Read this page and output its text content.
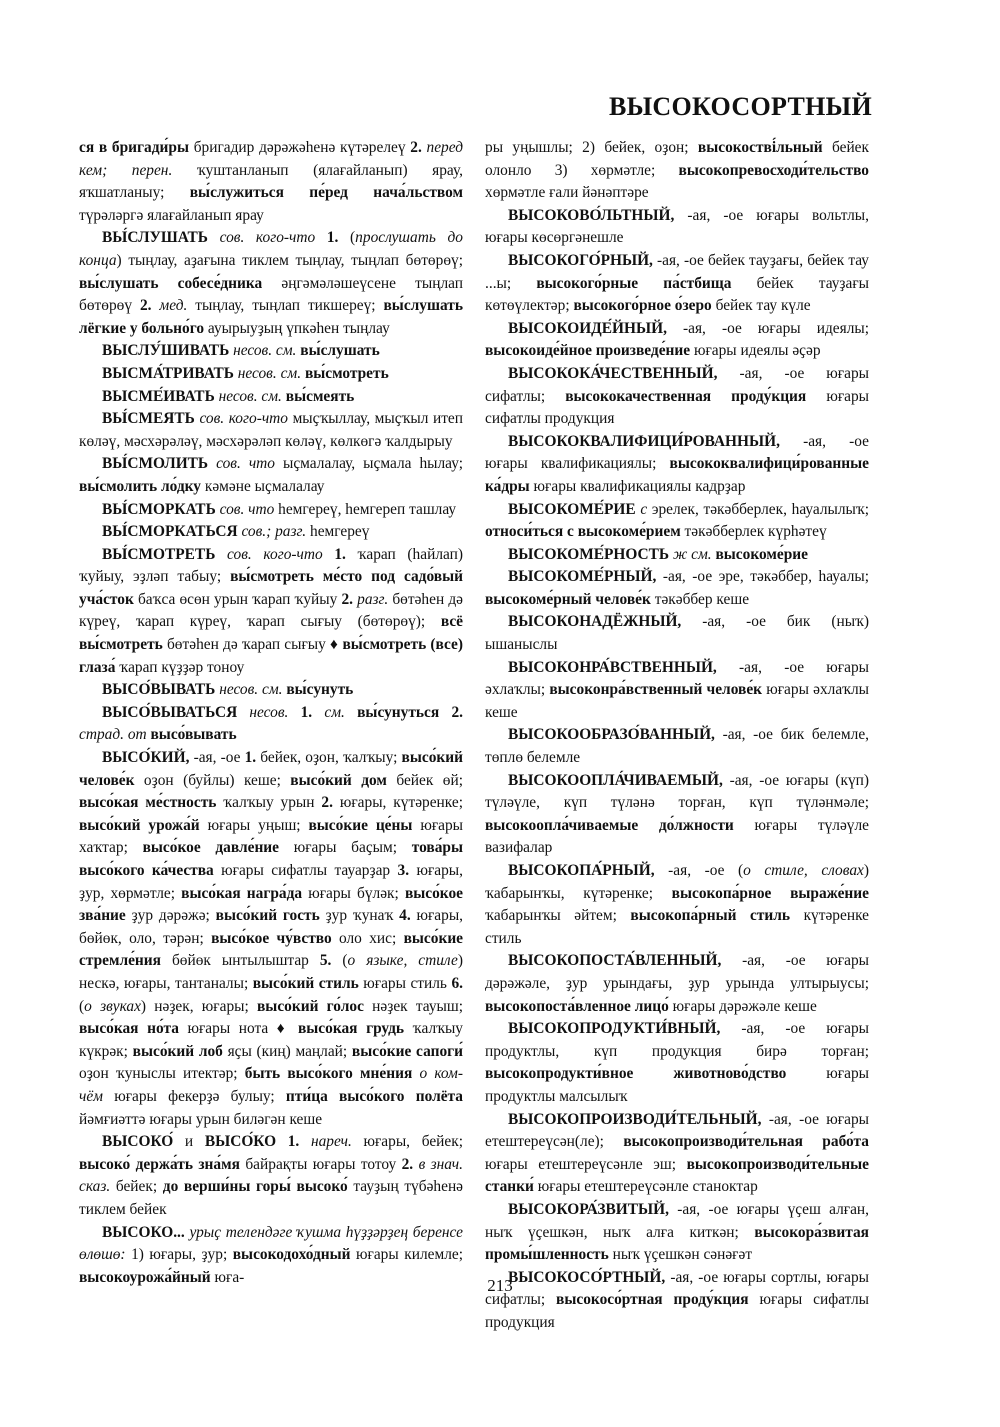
ВЫСОКОСОРТНЫЙ

ся в бригади́ры бригадир дәрәжәһенә күтәрелеү 2. перед кем; перен. ҡуштанланып (ялағайланып) ярау, яҡшатланыу; вы́служиться пе́ред нача́льством түрәләргә ялағайланып ярау

ВЫ́СЛУШАТЬ сов. кого-что 1. (прослушать до конца) тыңлау, аҙағына тиклем тыңлау, тыңлап бөтөрөү; вы́слушать собесе́дника әңгәмәләшеүсене тыңлап бөтөрөү 2. мед. тыңлау, тыңлап тикшереү; вы́слушать лёгкие у больно́го ауырыуҙың үпкәһен тыңлау

ВЫСЛУ́ШИВАТЬ несов. см. вы́слушать

ВЫСМА́ТРИВАТЬ несов. см. вы́смотреть

ВЫСМЕ́ИВАТЬ несов. см. вы́смеять

ВЫ́СМЕЯТЬ сов. кого-что мыҫҡыллау, мыҫҡыл итеп көләү, мәсхәрәләү, мәсхәрәләп көләү, көлкөгә ҡалдырыу

ВЫ́СМОЛИТЬ сов. что ыҫмалалау, ыҫмала һылау; вы́смолить ло́дку кәмәне ыҫмалалау

ВЫ́СМОРКАТЬ сов. что һемгереү, һемгереп ташлау

ВЫ́СМОРКАТЬСЯ сов.; разг. һемгереү

ВЫ́СМОТРЕТЬ сов. кого-что 1. ҡарап (һайлап) ҡуйыу, эҙләп табыу; вы́смотреть ме́сто под садо́вый уча́сток баҡса өсөн урын ҡарап ҡуйыу 2. разг. бөтәһен дә күреү, ҡарап күреү, ҡарап сығыу (бөтөрөү); всё вы́смотреть бөтәһен дә ҡарап сығыу ♦ вы́смотреть (все) глаза́ ҡарап күҙҙәр тоноу

ВЫСО́ВЫВАТЬ несов. см. вы́сунуть

ВЫСО́ВЫВАТЬСЯ несов. 1. см. вы́сунуться 2. страд. от высо́вывать

ВЫСО́КИЙ, -ая, -ое 1. бейек, оҙон, ҡалҡыу; высо́кий челове́к оҙон (буйлы) кеше; высо́кий дом бейек өй; высо́кая ме́стность ҡалҡыу урын 2. юғары, күтәренке; высо́кий урожа́й юғары уңыш; высо́кие це́ны юғары хаҡтар; высо́кое давле́ние юғары баҫым; това́ры высо́кого ка́чества юғары сифатлы тауарҙар 3. юғары, ҙур, хөрмәтле; высо́кая награ́да юғары бүләк; высо́кое зва́ние ҙур дәрәжә; высо́кий гость ҙур ҡунаҡ 4. юғары, бөйөк, оло, тәрән; высо́кое чу́вство оло хис; высо́кие стремле́ния бөйөк ынтылыштар 5. (о языке, стиле) нескә, юғары, тантаналы; высо́кий стиль юғары стиль 6. (о звуках) нәҙек, юғары; высо́кий го́лос нәҙек тауыш; высо́кая но́та юғары нота ♦ высо́кая грудь ҡалҡыу күкрәк; высо́кий лоб яҫы (киң) маңлай; высо́кие сапоги́ оҙон ҡуныслы итектәр; быть высо́кого мне́ния о ком-чём юғары фекерҙә булыу; пти́ца высо́кого полёта йәмғиәттә юғары урын биләгән кеше

ВЫСОКО́ и ВЫСО́КО 1. нареч. юғары, бейек; высоко́ держа́ть зна́мя байрақты юғары тотоу 2. в знач. сказ. бейек; до верши́ны горы́ высоко́ тауҙың түбәһенә тиклем бейек

ВЫСОКО... урыҫ телендәге ҡушма һүҙҙәрҙең беренсе өлөшө: 1) юғары, ҙур; высокодохо́дный юғары килемле; высокоурожа́йный юға-

ры уңышлы; 2) бейек, оҙон; высокостві́льный бейек олонло 3) хөрмәтле; высокопревосходи́тельство хөрмәтле ғали йәнәптәре

ВЫСОКОВО́ЛЬТНЫЙ, -ая, -ое юғары вольтлы, юғары көсөргәнешле

ВЫСОКОГО́РНЫЙ, -ая, -ое бейек тауҙағы, бейек тау ...ы; высокого́рные па́стбища бейек тауҙағы көтөүлектәр; высокого́рное о́зеро бейек тау күле

ВЫСОКОИДЕ́ЙНЫЙ, -ая, -ое юғары идеялы; высокоиде́йное произведе́ние юғары идеялы әҫәр

ВЫСОКОКА́ЧЕСТВЕННЫЙ, -ая, -ое юғары сифатлы; высококачественная проду́кция юғары сифатлы продукция

ВЫСОКОКВАЛИФИЦИ́РОВАННЫЙ, -ая, -ое юғары квалификациялы; высококвалифици́рованные ка́дры юғары квалификациялы кадрҙар

ВЫСОКОМЕ́РИЕ с эрелек, тәкәбберлек, һауалылыҡ; относи́ться с высокоме́рием тәкәбберлек күрһәтеү

ВЫСОКОМЕ́РНОСТЬ ж см. высокоме́рие

ВЫСОКОМЕ́РНЫЙ, -ая, -ое эре, тәкәббер, һауалы; высокоме́рный челове́к тәкәббер кеше

ВЫСОКОНАДЁЖНЫЙ, -ая, -ое бик (ныҡ) ышаныслы

ВЫСОКОНРА́ВСТВЕННЫЙ, -ая, -ое юғары әхлаҡлы; высоконра́вственный челове́к юғары әхлаҡлы кеше

ВЫСОКООБРАЗО́ВАННЫЙ, -ая, -ое бик белемле, төплө белемле

ВЫСОКООПЛА́ЧИВАЕМЫЙ, -ая, -ое юғары (күп) түләүле, күп түләнә торған, күп түләнмәле; высокоопла́чиваемые до́лжности юғары түләүле вазифалар

ВЫСОКОПА́РНЫЙ, -ая, -ое (о стиле, словах) ҡабарынҡы, күтәренке; высокопа́рное выраже́ние ҡабарынҡы әйтем; высокопа́рный стиль күтәренке стиль

ВЫСОКОПОСТА́ВЛЕННЫЙ, -ая, -ое юғары дәрәжәле, ҙур урындағы, ҙур урында ултырыусы; высокопоста́вленное лицо́ юғары дәрәжәле кеше

ВЫСОКОПРОДУКТИ́ВНЫЙ, -ая, -ое юғары продуктлы, күп продукция бирә торған; высокопродукти́вное животново́дство юғары продуктлы малсылыҡ

ВЫСОКОПРОИЗВОДИ́ТЕЛЬНЫЙ, -ая, -ое юғары етештереүсән(ле); высокопроизводи́тельная рабо́та юғары етештереүсәнле эш; высокопроизводи́тельные станки́ юғары етештереүсәнле станоктар

ВЫСОКОРА́ЗВИТЫЙ, -ая, -ое юғары үҫеш алған, ныҡ үҫешкән, ныҡ алға киткән; высокора́звитая промы́шленность ныҡ үҫешкән сәнәғәт

ВЫСОКОСО́РТНЫЙ, -ая, -ое юғары сортлы, юғары сифатлы; высокосо́ртная проду́кция юғары сифатлы продукция

213
